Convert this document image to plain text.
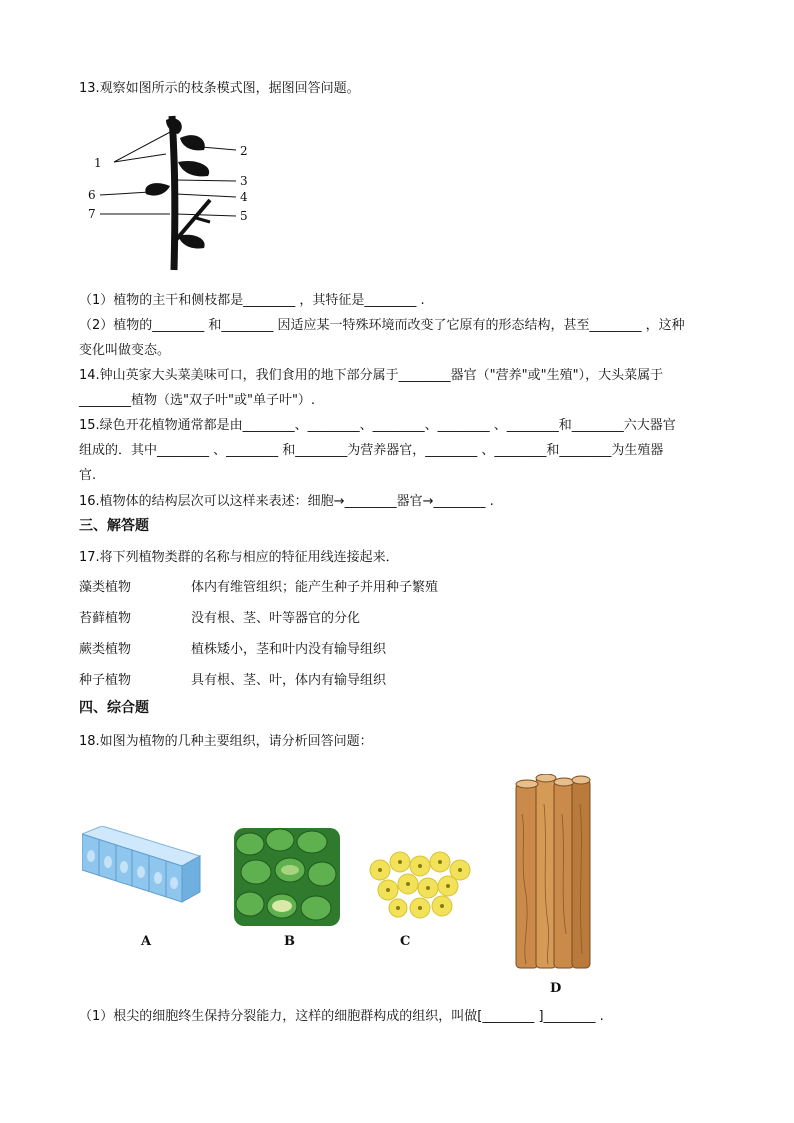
13.观察如图所示的枝条模式图，据图回答问题。
1
2
3
4
5
6
7
（1）植物的主干和侧枝都是________ ，其特征是________ .
（2）植物的________ 和________ 因适应某一特殊环境而改变了它原有的形态结构，甚至________ ，这种
变化叫做变态。
14.钟山英家大头菜美味可口，我们食用的地下部分属于________器官（"营养"或"生殖"），大头菜属于
________植物（选"双子叶"或"单子叶"）.
15.绿色开花植物通常都是由________、________、________、________ 、________和________六大器官
组成的．其中________ 、________ 和________为营养器官，________ 、________和________为生殖器
官.
16.植物体的结构层次可以这样来表述：细胞→________器官→________ .
三、解答题
17.将下列植物类群的名称与相应的特征用线连接起来．
藻类植物	体内有维管组织；能产生种子并用种子繁殖
苔藓植物	没有根、茎、叶等器官的分化
蕨类植物	植株矮小，茎和叶内没有输导组织
种子植物	具有根、茎、叶，体内有输导组织
四、综合题
18.如图为植物的几种主要组织，请分析回答问题：
A	B	C
D
（1）根尖的细胞终生保持分裂能力，这样的细胞群构成的组织，叫做[________ ]________ .
